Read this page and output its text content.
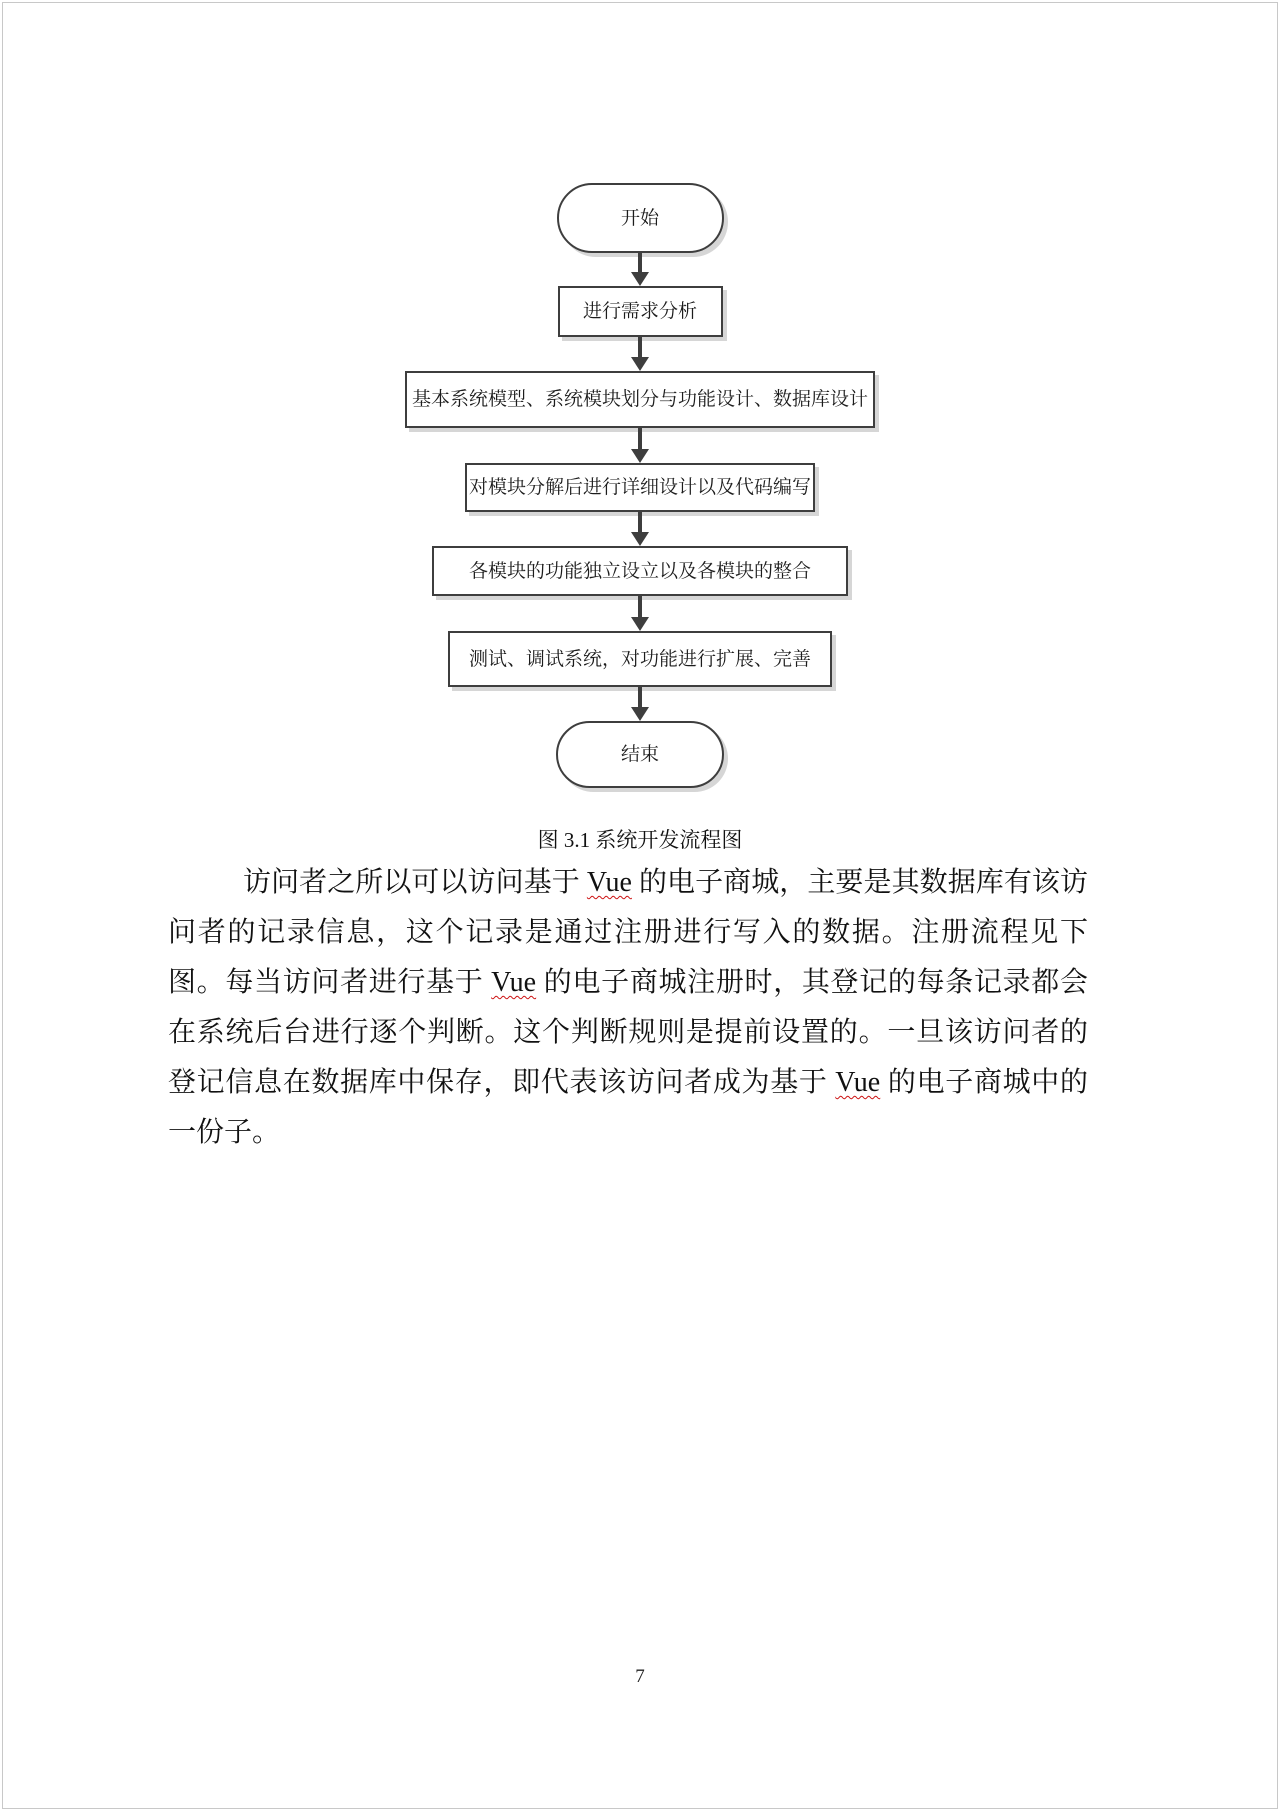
开始
进行需求分析
基本系统模型、系统模块划分与功能设计、数据库设计
对模块分解后进行详细设计以及代码编写
各模块的功能独立设立以及各模块的整合
测试、调试系统，对功能进行扩展、完善
结束
图 3.1 系统开发流程图

访问者之所以可以访问基于 Vue 的电子商城，主要是其数据库有该访问者的记录信息，这个记录是通过注册进行写入的数据。注册流程见下图。每当访问者进行基于 Vue 的电子商城注册时，其登记的每条记录都会在系统后台进行逐个判断。这个判断规则是提前设置的。一旦该访问者的登记信息在数据库中保存，即代表该访问者成为基于 Vue 的电子商城中的一份子。

7
